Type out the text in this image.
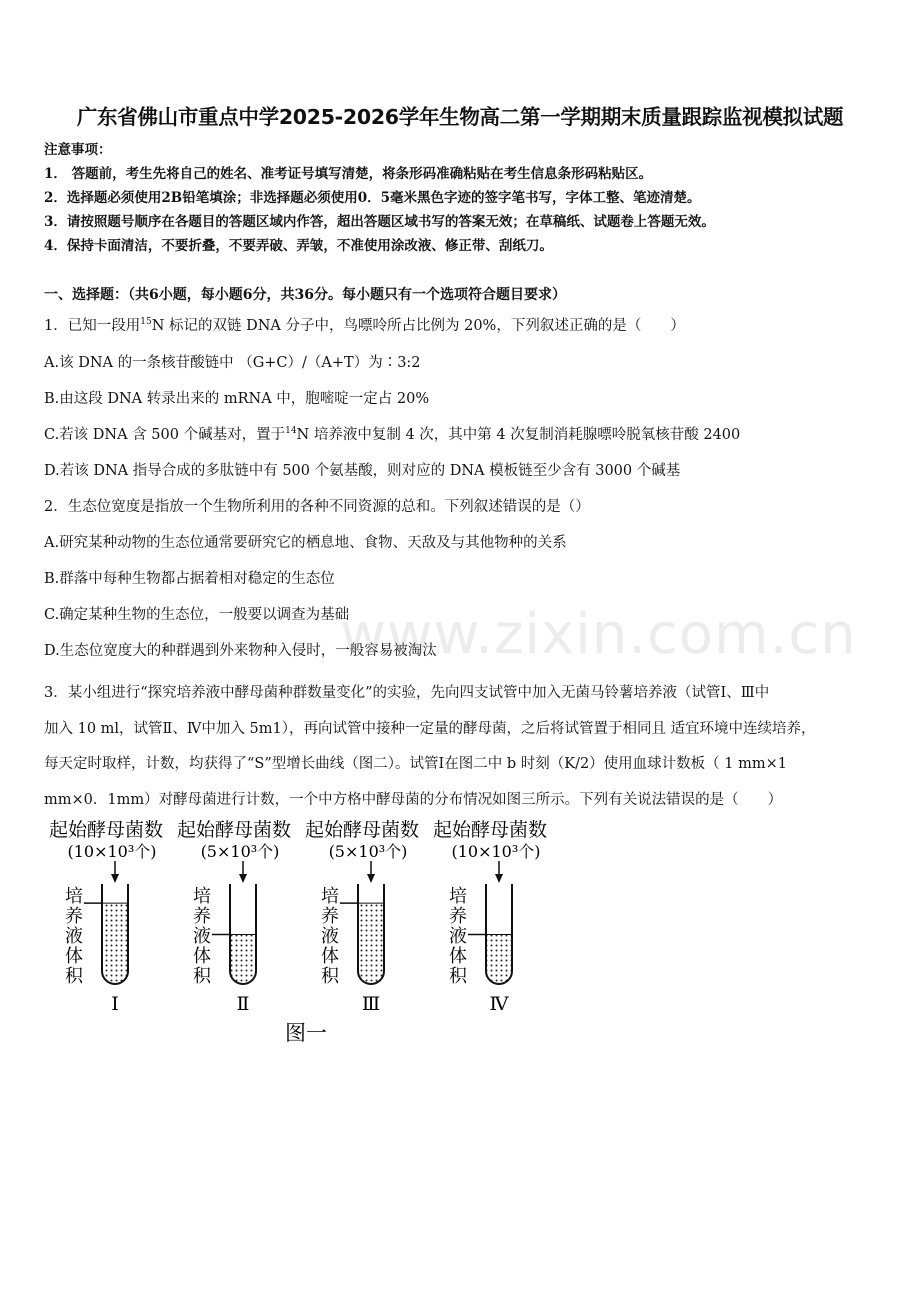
广东省佛山市重点中学2025-2026学年生物高二第一学期期末质量跟踪监视模拟试题
注意事项：
1． 答题前，考生先将自己的姓名、准考证号填写清楚，将条形码准确粘贴在考生信息条形码粘贴区。
2．选择题必须使用2B铅笔填涂；非选择题必须使用0．5毫米黑色字迹的签字笔书写，字体工整、笔迹清楚。
3．请按照题号顺序在各题目的答题区域内作答，超出答题区域书写的答案无效；在草稿纸、试题卷上答题无效。
4．保持卡面清洁，不要折叠，不要弄破、弄皱，不准使用涂改液、修正带、刮纸刀。
一、选择题：（共6小题，每小题6分，共36分。每小题只有一个选项符合题目要求）
1．已知一段用$^{15}$N 标记的双链 DNA 分子中，鸟嘌呤所占比例为 20%，下列叙述正确的是（　　）
A.该 DNA 的一条核苷酸链中 （G+C）/（A+T）为∶3:2
B.由这段 DNA 转录出来的 mRNA 中，胞嘧啶一定占 20%
C.若该 DNA 含 500 个碱基对，置于$^{14}$N 培养液中复制 4 次，其中第 4 次复制消耗腺嘌呤脱氧核苷酸 2400
D.若该 DNA 指导合成的多肽链中有 500 个氨基酸，则对应的 DNA 模板链至少含有 3000 个碱基
2．生态位宽度是指放一个生物所利用的各种不同资源的总和。下列叙述错误的是（）
A.研究某种动物的生态位通常要研究它的栖息地、食物、天敌及与其他物种的关系
B.群落中每种生物都占据着相对稳定的生态位
C.确定某种生物的生态位，一般要以调查为基础
D.生态位宽度大的种群遇到外来物种入侵时，一般容易被淘汰
3．某小组进行“探究培养液中酵母菌种群数量变化”的实验，先向四支试管中加入无菌马铃薯培养液（试管Ⅰ、Ⅲ中
加入 10 ml，试管Ⅱ、Ⅳ中加入 5m1），再向试管中接种一定量的酵母菌，之后将试管置于相同且 适宜环境中连续培养，
每天定时取样，计数，均获得了“S”型增长曲线（图二）。试管Ⅰ在图二中 b 时刻（K/2）使用血球计数板（ 1 mm×1
mm×0．1mm）对酵母菌进行计数，一个中方格中酵母菌的分布情况如图三所示。下列有关说法错误的是（　　）
起始酵母菌数
(10×10³个)
培
养
液
体
积
Ⅰ
起始酵母菌数
(5×10³个)
培
养
液
体
积
Ⅱ
起始酵母菌数
(5×10³个)
培
养
液
体
积
Ⅲ
起始酵母菌数
(10×10³个)
培
养
液
体
积
Ⅳ
图一
www.zixin.com.cn
